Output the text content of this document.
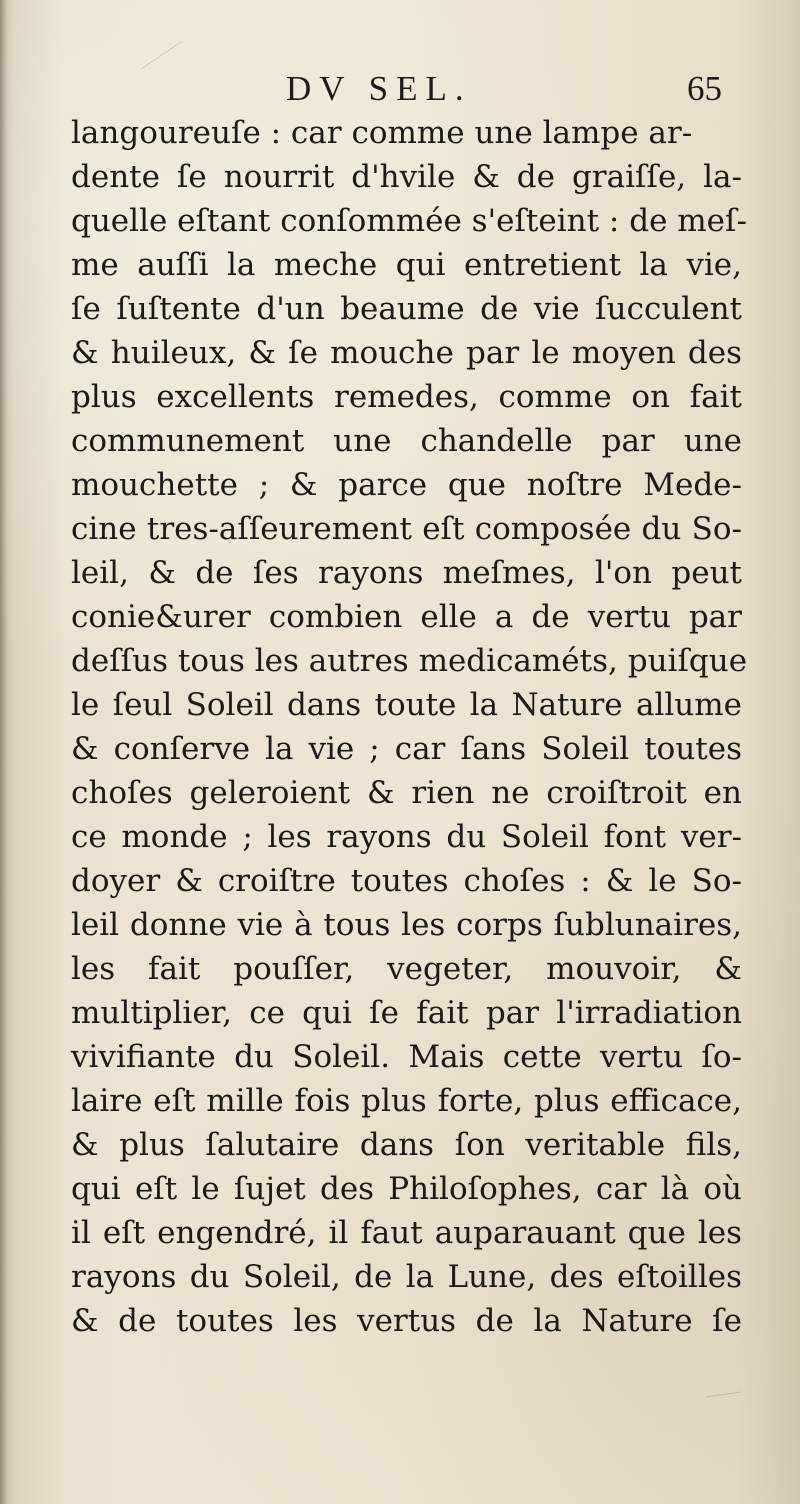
DV SEL.	65
langoureuſe : car comme une lampe ar-
dente ſe nourrit d'hvile & de graiſſe, la-
quelle eſtant conſommée s'eſteint : de meſ-
me auſſi la meche qui entretient la vie,
ſe ſuſtente d'un beaume de vie ſucculent
& huileux, & ſe mouche par le moyen des
plus excellents remedes, comme on fait
communement une chandelle par une
mouchette ; & parce que noſtre Mede-
cine tres-aſſeurement eſt composée du So-
leil, & de ſes rayons meſmes, l'on peut
conie&urer combien elle a de vertu par
deſſus tous les autres medicaméts, puiſque
le ſeul Soleil dans toute la Nature allume
& conſerve la vie ; car ſans Soleil toutes
choſes geleroient & rien ne croiſtroit en
ce monde ; les rayons du Soleil font ver-
doyer & croiſtre toutes choſes : & le So-
leil donne vie à tous les corps ſublunaires,
les fait pouſſer, vegeter, mouvoir, &
multiplier, ce qui ſe fait par l'irradiation
vivifiante du Soleil. Mais cette vertu ſo-
laire eſt mille fois plus forte, plus efficace,
& plus ſalutaire dans ſon veritable fils,
qui eſt le ſujet des Philoſophes, car là où
il eſt engendré, il faut auparauant que les
rayons du Soleil, de la Lune, des eſtoilles
& de toutes les vertus de la Nature ſe
